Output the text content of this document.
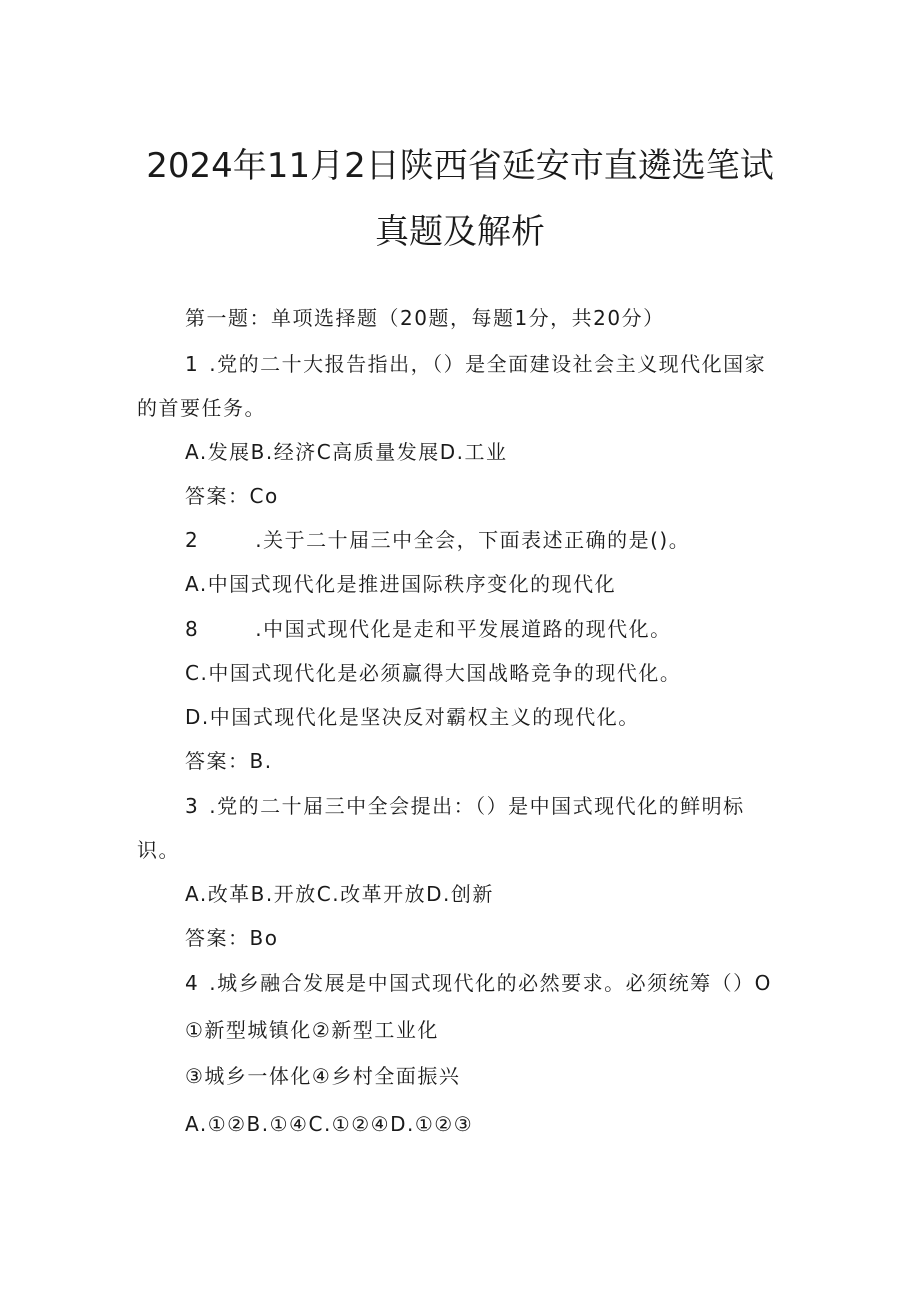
2024年11月2日陕西省延安市直遴选笔试
真题及解析
第一题：单项选择题（20题，每题1分，共20分）
1 .党的二十大报告指出，（）是全面建设社会主义现代化国家
的首要任务。
A.发展B.经济C高质量发展D.工业
答案：Co
2	.关于二十届三中全会，下面表述正确的是()。
A.中国式现代化是推进国际秩序变化的现代化
8	.中国式现代化是走和平发展道路的现代化。
C.中国式现代化是必须赢得大国战略竞争的现代化。
D.中国式现代化是坚决反对霸权主义的现代化。
答案：B.
3 .党的二十届三中全会提出：（）是中国式现代化的鲜明标
识。
A.改革B.开放C.改革开放D.创新
答案：Bo
4 .城乡融合发展是中国式现代化的必然要求。必须统筹（）O
①新型城镇化②新型工业化
③城乡一体化④乡村全面振兴
A.①②B.①④C.①②④D.①②③
